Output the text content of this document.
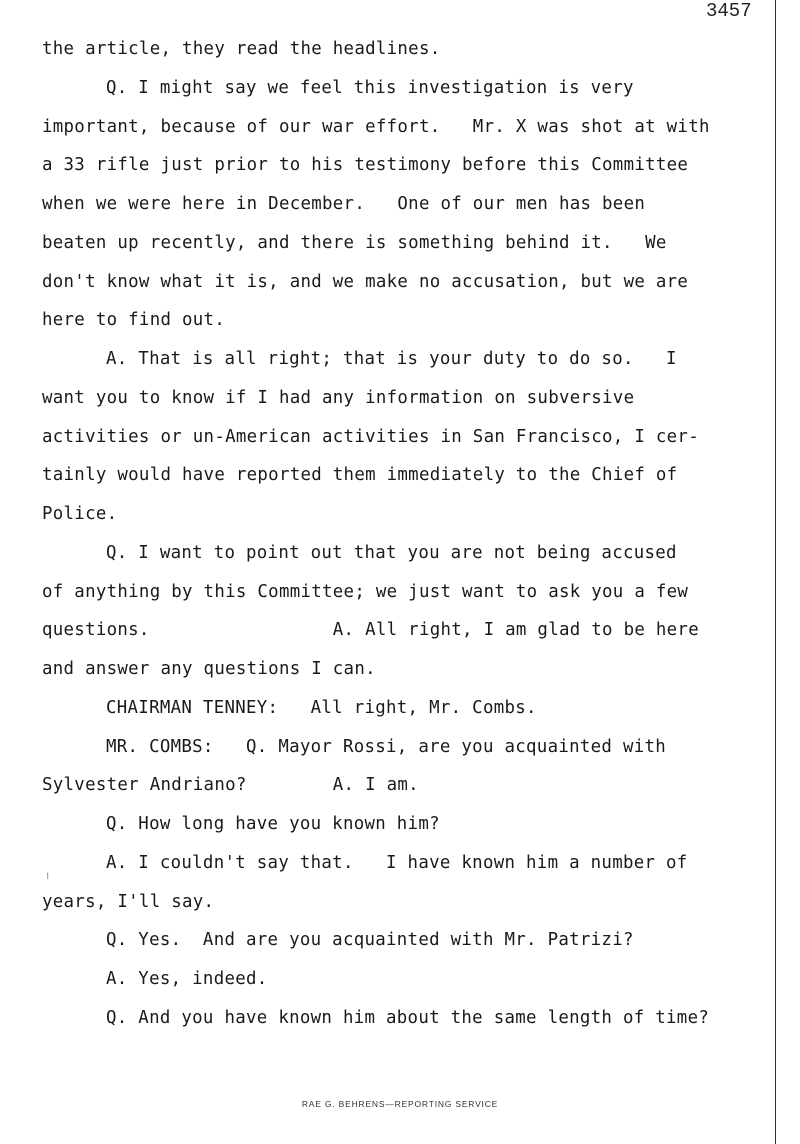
3457
the article, they read the headlines.
Q. I might say we feel this investigation is very
important, because of our war effort.   Mr. X was shot at with
a 33 rifle just prior to his testimony before this Committee
when we were here in December.   One of our men has been
beaten up recently, and there is something behind it.   We
don't know what it is, and we make no accusation, but we are
here to find out.
A. That is all right; that is your duty to do so.   I
want you to know if I had any information on subversive
activities or un-American activities in San Francisco, I cer-
tainly would have reported them immediately to the Chief of
Police.
Q. I want to point out that you are not being accused
of anything by this Committee; we just want to ask you a few
questions.                 A. All right, I am glad to be here
and answer any questions I can.
CHAIRMAN TENNEY:   All right, Mr. Combs.
MR. COMBS:   Q. Mayor Rossi, are you acquainted with
Sylvester Andriano?        A. I am.
Q. How long have you known him?
A. I couldn't say that.   I have known him a number of
years, I'll say.
Q. Yes.  And are you acquainted with Mr. Patrizi?
A. Yes, indeed.
Q. And you have known him about the same length of time?
ı
RAE G. BEHRENS—REPORTING SERVICE
